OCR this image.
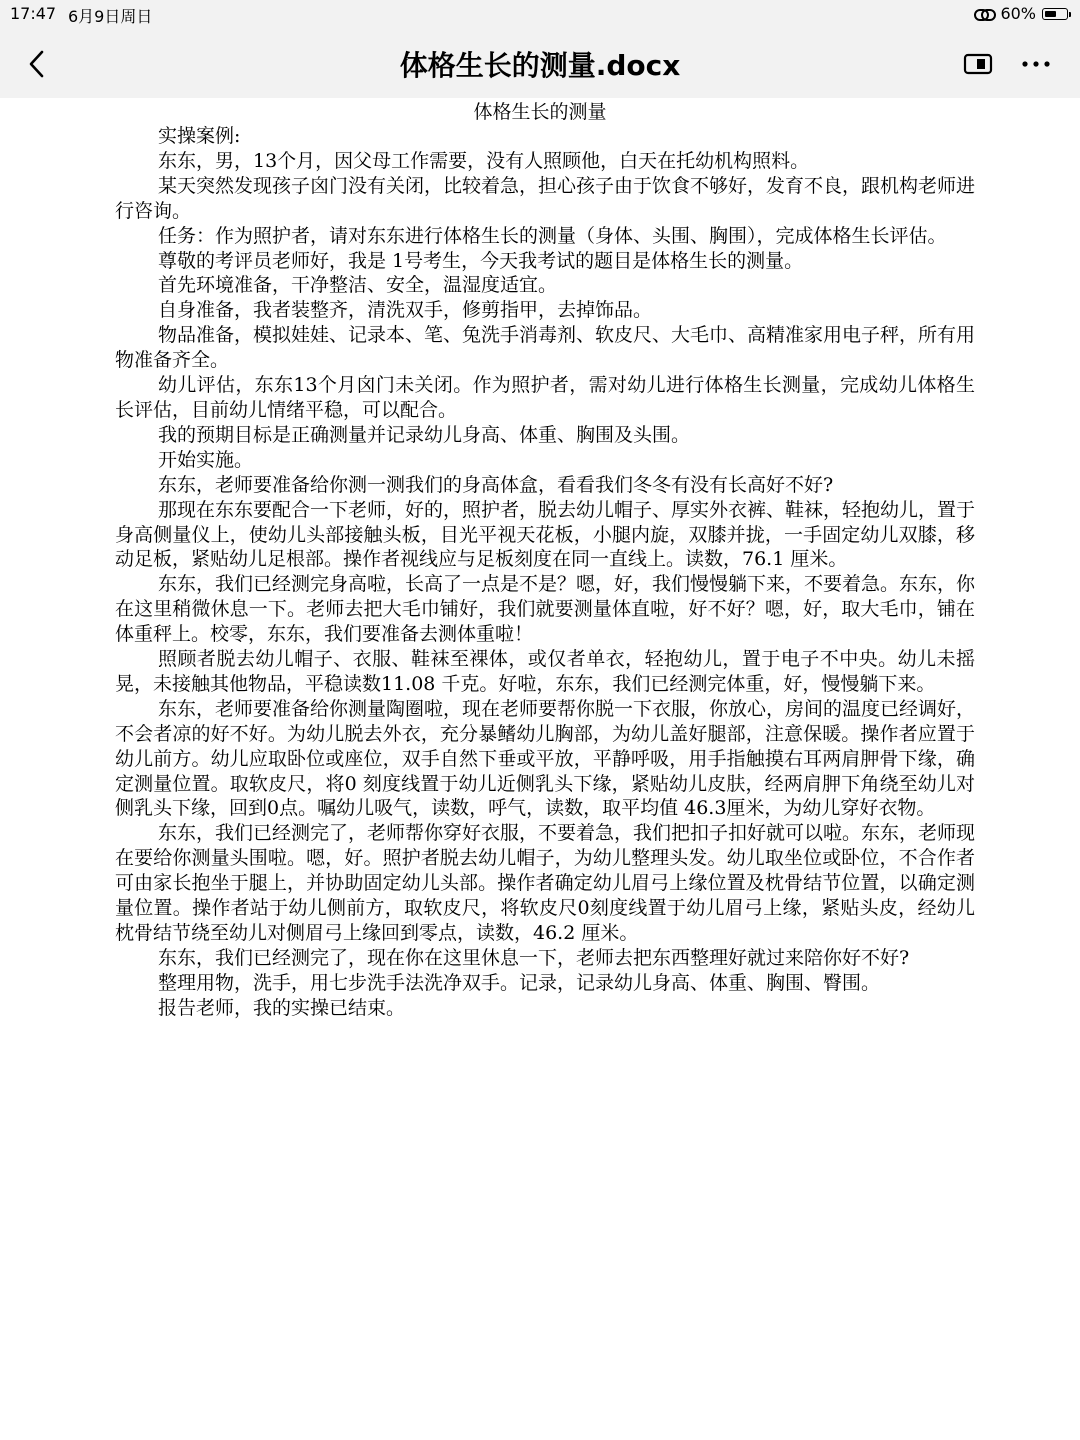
17:47 6月9日周日	60%
体格生长的测量.docx
体格生长的测量

实操案例:

东东，男，13个月，因父母工作需要，没有人照顾他，白天在托幼机构照料。

某天突然发现孩子囟门没有关闭，比较着急，担心孩子由于饮食不够好，发育不良，跟机构老师进行咨询。

任务：作为照护者，请对东东进行体格生长的测量（身体、头围、胸围），完成体格生长评估。

尊敬的考评员老师好，我是 1号考生，今天我考试的题目是体格生长的测量。

首先环境准备，干净整洁、安全，温湿度适宜。

自身准备，我者装整齐，清洗双手，修剪指甲，去掉饰品。

物品准备，模拟娃娃、记录本、笔、兔洗手消毒剂、软皮尺、大毛巾、高精准家用电子秤，所有用物准备齐全。

幼儿评估，东东13个月囟门未关闭。作为照护者，需对幼儿进行体格生长测量，完成幼儿体格生长评估，目前幼儿情绪平稳，可以配合。

我的预期目标是正确测量并记录幼儿身高、体重、胸围及头围。

开始实施。

东东，老师要准备给你测一测我们的身高体盒，看看我们冬冬有没有长高好不好?

那现在东东要配合一下老师，好的，照护者，脱去幼儿帽子、厚实外衣裤、鞋袜，轻抱幼儿，置于身高侧量仪上，使幼儿头部接触头板，目光平视天花板，小腿内旋，双膝并拢，一手固定幼儿双膝，移动足板，紧贴幼儿足根部。操作者视线应与足板刻度在同一直线上。读数，76.1 厘米。

东东，我们已经测完身高啦，长高了一点是不是？嗯，好，我们慢慢躺下来，不要着急。东东，你在这里稍微休息一下。老师去把大毛巾铺好，我们就要测量体直啦，好不好？嗯，好，取大毛巾，铺在体重秤上。校零，东东，我们要准备去测体重啦！

照顾者脱去幼儿帽子、衣服、鞋袜至裸体，或仅者单衣，轻抱幼儿，置于电子不中央。幼儿未摇晃，未接触其他物品，平稳读数11.08 千克。好啦，东东，我们已经测完体重，好，慢慢躺下来。

东东，老师要准备给你测量陶圈啦，现在老师要帮你脱一下衣服，你放心，房间的温度已经调好，不会者凉的好不好。为幼儿脱去外衣，充分暴鳍幼儿胸部，为幼儿盖好腿部，注意保暖。操作者应置于幼儿前方。幼儿应取卧位或座位，双手自然下垂或平放，平静呼吸，用手指触摸右耳两肩胛骨下缘，确定测量位置。取软皮尺，将0 刻度线置于幼儿近侧乳头下缘，紧贴幼儿皮肤，经两肩胛下角绕至幼儿对侧乳头下缘，回到0点。嘱幼儿吸气，读数，呼气，读数，取平均值 46.3厘米，为幼儿穿好衣物。

东东，我们已经测完了，老师帮你穿好衣服，不要着急，我们把扣子扣好就可以啦。东东，老师现在要给你测量头围啦。嗯，好。照护者脱去幼儿帽子，为幼儿整理头发。幼儿取坐位或卧位，不合作者可由家长抱坐于腿上，并协助固定幼儿头部。操作者确定幼儿眉弓上缘位置及枕骨结节位置，以确定测量位置。操作者站于幼儿侧前方，取软皮尺，将软皮尺0刻度线置于幼儿眉弓上缘，紧贴头皮，经幼儿枕骨结节绕至幼儿对侧眉弓上缘回到零点，读数，46.2 厘米。

东东，我们已经测完了，现在你在这里休息一下，老师去把东西整理好就过来陪你好不好?

整理用物，洗手，用七步洗手法洗净双手。记录，记录幼儿身高、体重、胸围、臀围。

报告老师，我的实操已结束。
